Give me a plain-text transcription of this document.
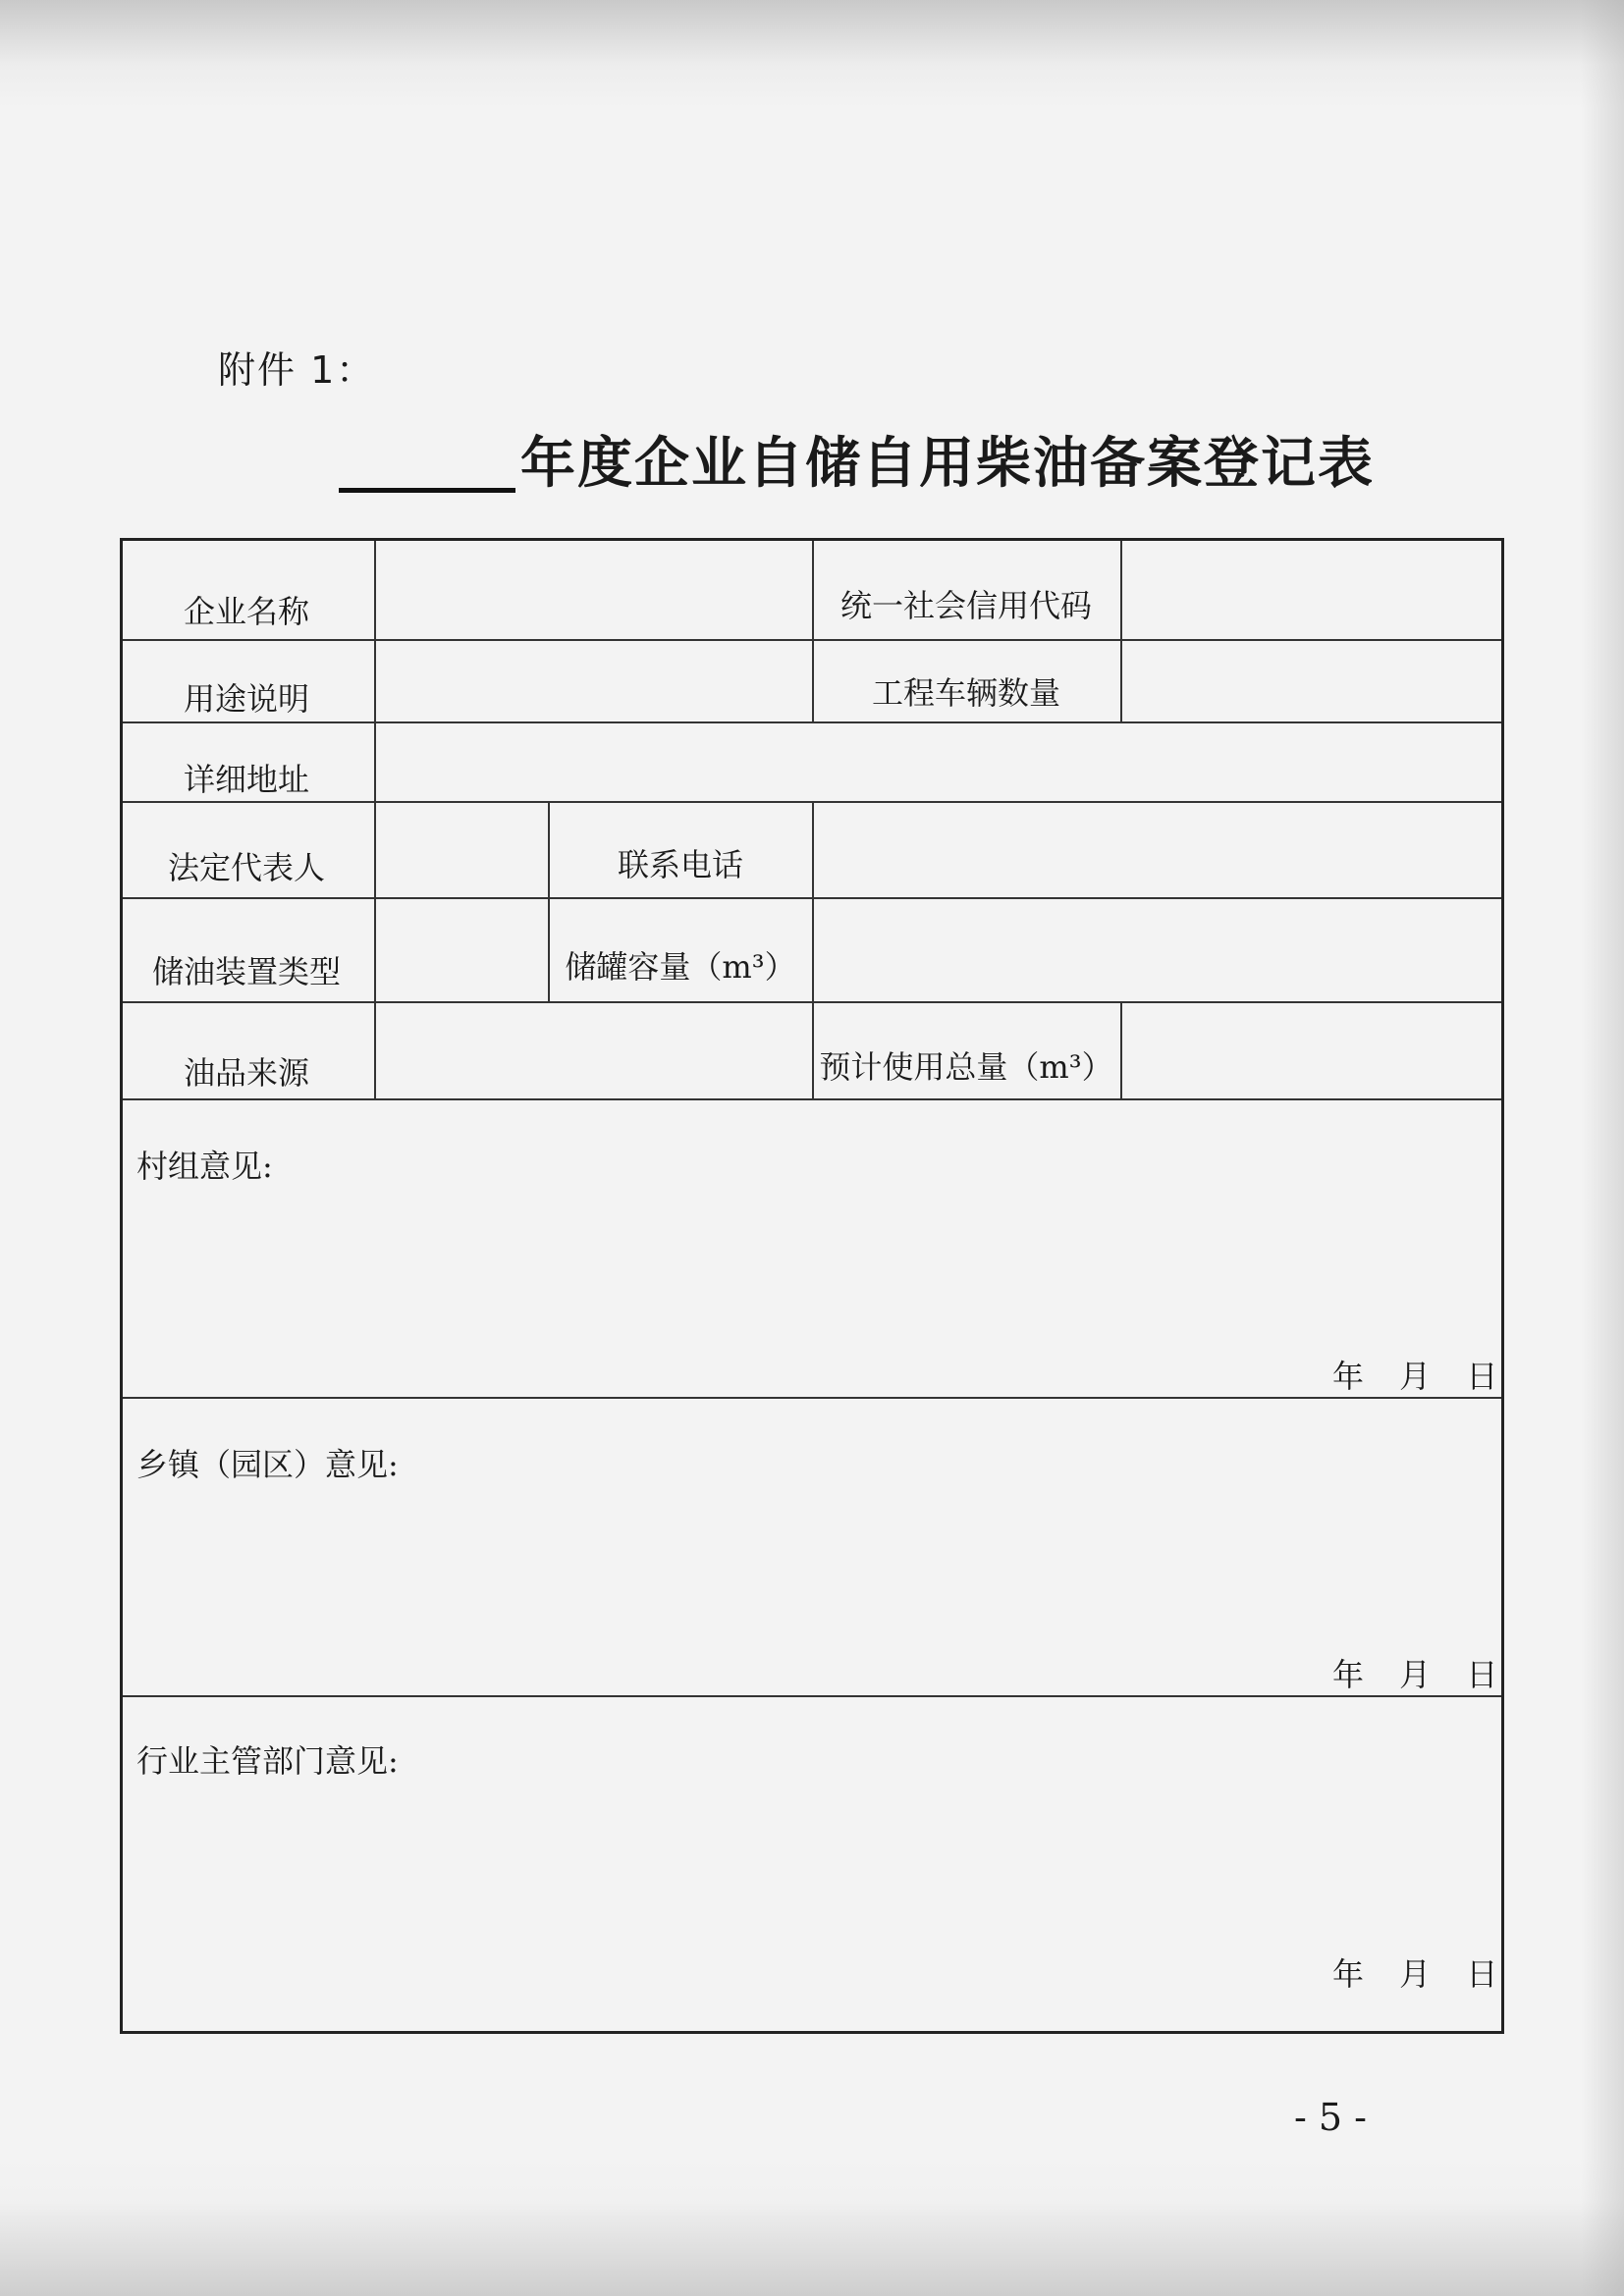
附件 1：
年度企业自储自用柴油备案登记表
企业名称	统一社会信用代码
用途说明	工程车辆数量
详细地址
法定代表人	联系电话
储油装置类型	储罐容量（m³）
油品来源	预计使用总量（m³）
村组意见:
年 月 日
乡镇（园区）意见:
年 月 日
行业主管部门意见:
年 月 日
- 5 -
